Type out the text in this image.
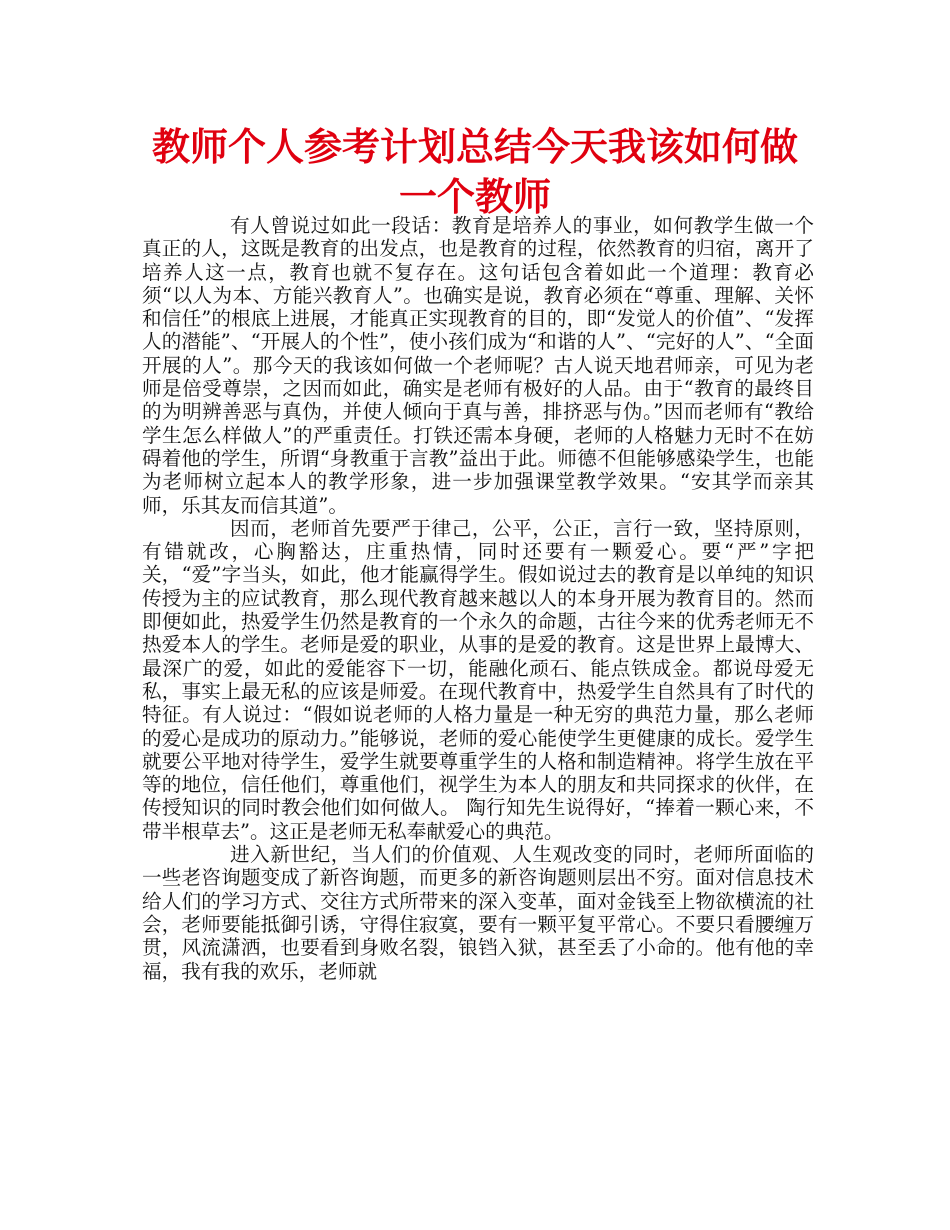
教师个人参考计划总结今天我该如何做一个教师

有人曾说过如此一段话：教育是培养人的事业，如何教学生做一个真正的人，这既是教育的出发点，也是教育的过程，依然教育的归宿，离开了培养人这一点，教育也就不复存在。这句话包含着如此一个道理：教育必须“以人为本、方能兴教育人”。也确实是说，教育必须在“尊重、理解、关怀和信任”的根底上进展，才能真正实现教育的目的，即“发觉人的价值”、“发挥人的潜能”、“开展人的个性”，使小孩们成为“和谐的人”、“完好的人”、“全面开展的人”。那今天的我该如何做一个老师呢？古人说天地君师亲，可见为老师是倍受尊崇，之因而如此，确实是老师有极好的人品。由于“教育的最终目的为明辨善恶与真伪，并使人倾向于真与善，排挤恶与伪。”因而老师有“教给学生怎么样做人”的严重责任。打铁还需本身硬，老师的人格魅力无时不在妨碍着他的学生，所谓“身教重于言教”益出于此。师德不但能够感染学生，也能为老师树立起本人的教学形象，进一步加强课堂教学效果。“安其学而亲其师，乐其友而信其道”。

因而，老师首先要严于律己，公平，公正，言行一致，坚持原则，有错就改，心胸豁达，庄重热情，同时还要有一颗爱心。要“严”字把关，“爱”字当头，如此，他才能赢得学生。假如说过去的教育是以单纯的知识传授为主的应试教育，那么现代教育越来越以人的本身开展为教育目的。然而即便如此，热爱学生仍然是教育的一个永久的命题，古往今来的优秀老师无不热爱本人的学生。老师是爱的职业，从事的是爱的教育。这是世界上最博大、最深广的爱，如此的爱能容下一切，能融化顽石、能点铁成金。都说母爱无私，事实上最无私的应该是师爱。在现代教育中，热爱学生自然具有了时代的特征。有人说过：“假如说老师的人格力量是一种无穷的典范力量，那么老师的爱心是成功的原动力。”能够说，老师的爱心能使学生更健康的成长。爱学生就要公平地对待学生，爱学生就要尊重学生的人格和制造精神。将学生放在平等的地位，信任他们，尊重他们，视学生为本人的朋友和共同探求的伙伴，在传授知识的同时教会他们如何做人。 陶行知先生说得好，“捧着一颗心来，不带半根草去”。这正是老师无私奉献爱心的典范。

进入新世纪，当人们的价值观、人生观改变的同时，老师所面临的一些老咨询题变成了新咨询题，而更多的新咨询题则层出不穷。面对信息技术给人们的学习方式、交往方式所带来的深入变革，面对金钱至上物欲横流的社会，老师要能抵御引诱，守得住寂寞，要有一颗平复平常心。不要只看腰缠万贯，风流潇洒，也要看到身败名裂，锒铛入狱，甚至丢了小命的。他有他的幸福，我有我的欢乐，老师就
